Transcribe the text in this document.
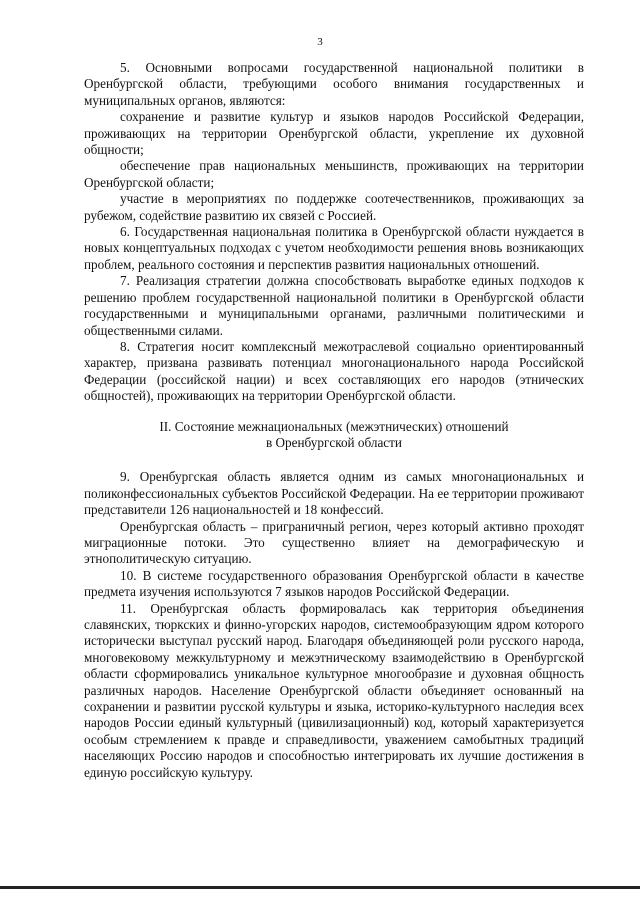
3

5. Основными вопросами государственной национальной политики в Оренбургской области, требующими особого внимания государственных и муниципальных органов, являются:

сохранение и развитие культур и языков народов Российской Федерации, проживающих на территории Оренбургской области, укрепление их духовной общности;

обеспечение прав национальных меньшинств, проживающих на территории Оренбургской области;

участие в мероприятиях по поддержке соотечественников, проживающих за рубежом, содействие развитию их связей с Россией.

6. Государственная национальная политика в Оренбургской области нуждается в новых концептуальных подходах с учетом необходимости решения вновь возникающих проблем, реального состояния и перспектив развития национальных отношений.

7. Реализация стратегии должна способствовать выработке единых подходов к решению проблем государственной национальной политики в Оренбургской области государственными и муниципальными органами, различными политическими и общественными силами.

8. Стратегия носит комплексный межотраслевой социально ориентированный характер, призвана развивать потенциал многонационального народа Российской Федерации (российской нации) и всех составляющих его народов (этнических общностей), проживающих на территории Оренбургской области.

II. Состояние межнациональных (межэтнических) отношений
в Оренбургской области

9. Оренбургская область является одним из самых многонациональных и поликонфессиональных субъектов Российской Федерации. На ее территории проживают представители 126 национальностей и 18 конфессий.

Оренбургская область – приграничный регион, через который активно проходят миграционные потоки. Это существенно влияет на демографическую и этнополитическую ситуацию.

10. В системе государственного образования Оренбургской области в качестве предмета изучения используются 7 языков народов Российской Федерации.

11. Оренбургская область формировалась как территория объединения славянских, тюркских и финно-угорских народов, системообразующим ядром которого исторически выступал русский народ. Благодаря объединяющей роли русского народа, многовековому межкультурному и межэтническому взаимодействию в Оренбургской области сформировались уникальное культурное многообразие и духовная общность различных народов. Население Оренбургской области объединяет основанный на сохранении и развитии русской культуры и языка, историко-культурного наследия всех народов России единый культурный (цивилизационный) код, который характеризуется особым стремлением к правде и справедливости, уважением самобытных традиций населяющих Россию народов и способностью интегрировать их лучшие достижения в единую российскую культуру.
